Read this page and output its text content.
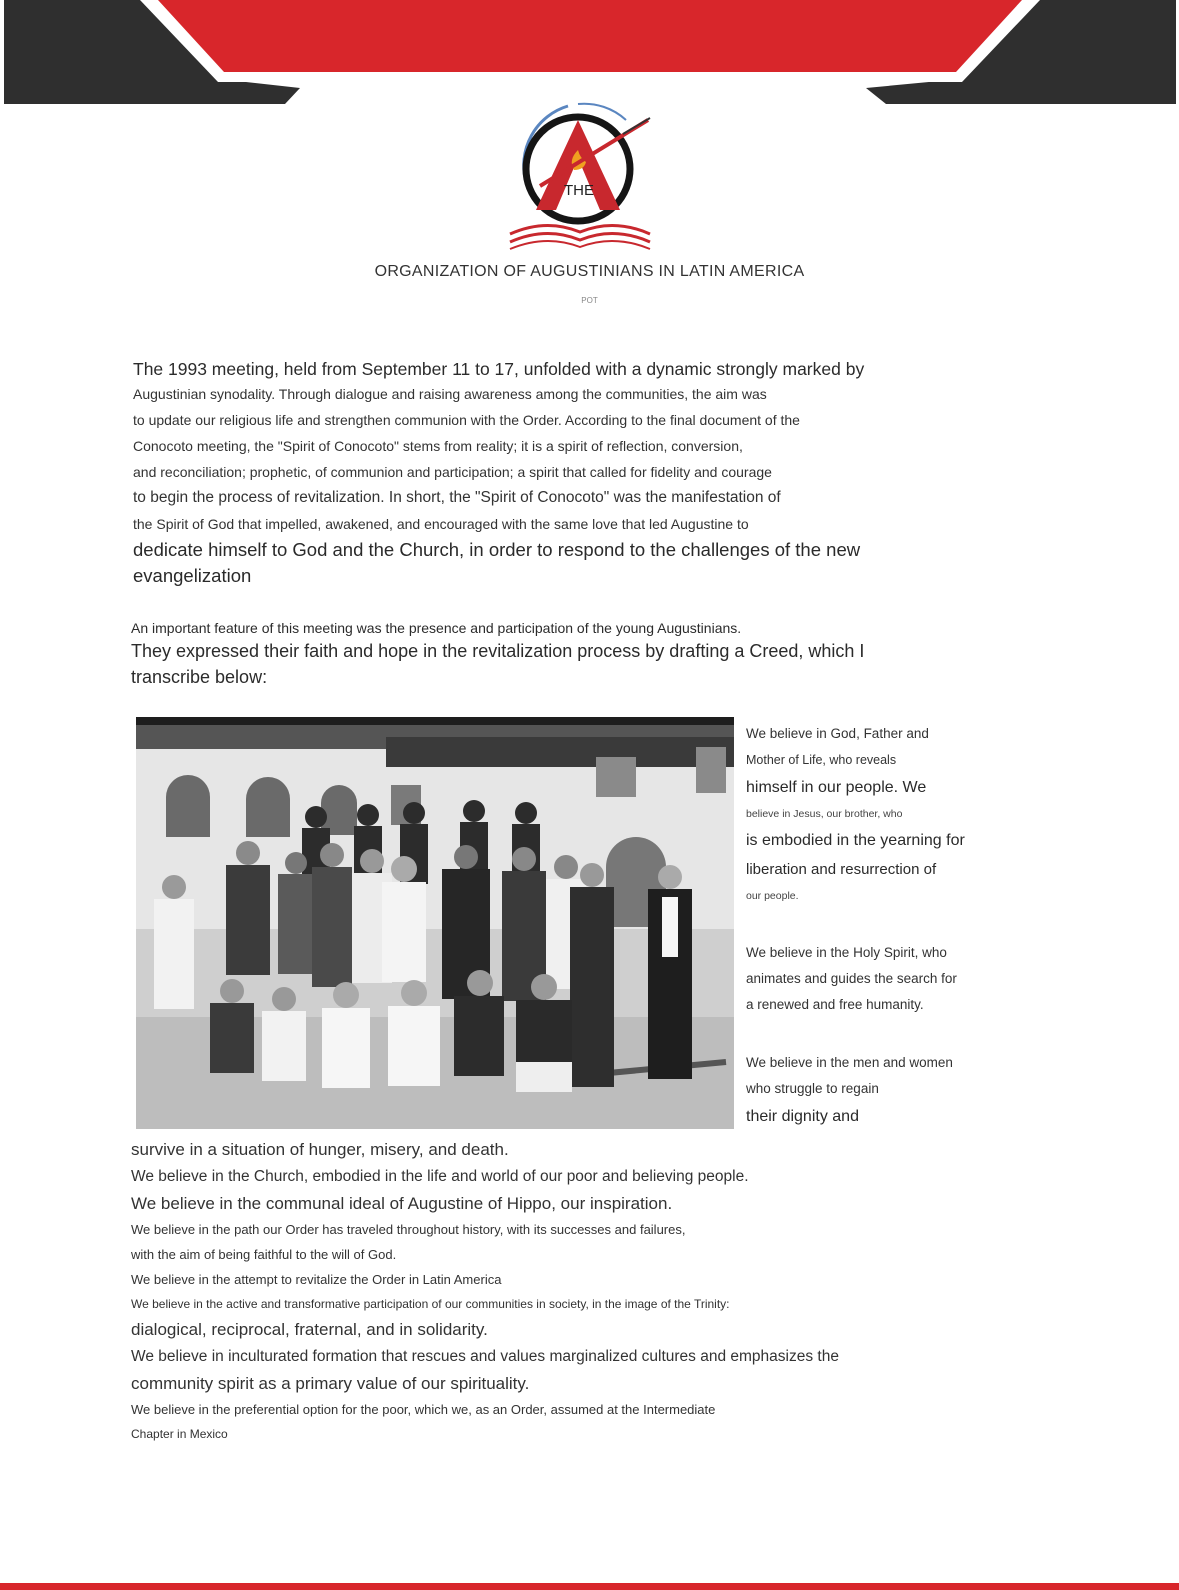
THE
ORGANIZATION OF AUGUSTINIANS IN LATIN AMERICA
POT
The 1993 meeting, held from September 11 to 17, unfolded with a dynamic strongly marked by
Augustinian synodality. Through dialogue and raising awareness among the communities, the aim was
to update our religious life and strengthen communion with the Order. According to the final document of the
Conocoto meeting, the "Spirit of Conocoto" stems from reality; it is a spirit of reflection, conversion,
and reconciliation; prophetic, of communion and participation; a spirit that called for fidelity and courage
to begin the process of revitalization. In short, the "Spirit of Conocoto" was the manifestation of
the Spirit of God that impelled, awakened, and encouraged with the same love that led Augustine to
dedicate himself to God and the Church, in order to respond to the challenges of the new
evangelization
An important feature of this meeting was the presence and participation of the young Augustinians.
They expressed their faith and hope in the revitalization process by drafting a Creed, which I
transcribe below:
We believe in God, Father and
Mother of Life, who reveals
himself in our people. We
believe in Jesus, our brother, who
is embodied in the yearning for
liberation and resurrection of
our people.
We believe in the Holy Spirit, who
animates and guides the search for
a renewed and free humanity.
We believe in the men and women
who struggle to regain
their dignity and
survive in a situation of hunger, misery, and death.
We believe in the Church, embodied in the life and world of our poor and believing people.
We believe in the communal ideal of Augustine of Hippo, our inspiration.
We believe in the path our Order has traveled throughout history, with its successes and failures,
with the aim of being faithful to the will of God.
We believe in the attempt to revitalize the Order in Latin America
We believe in the active and transformative participation of our communities in society, in the image of the Trinity:
dialogical, reciprocal, fraternal, and in solidarity.
We believe in inculturated formation that rescues and values marginalized cultures and emphasizes the
community spirit as a primary value of our spirituality.
We believe in the preferential option for the poor, which we, as an Order, assumed at the Intermediate
Chapter in Mexico
